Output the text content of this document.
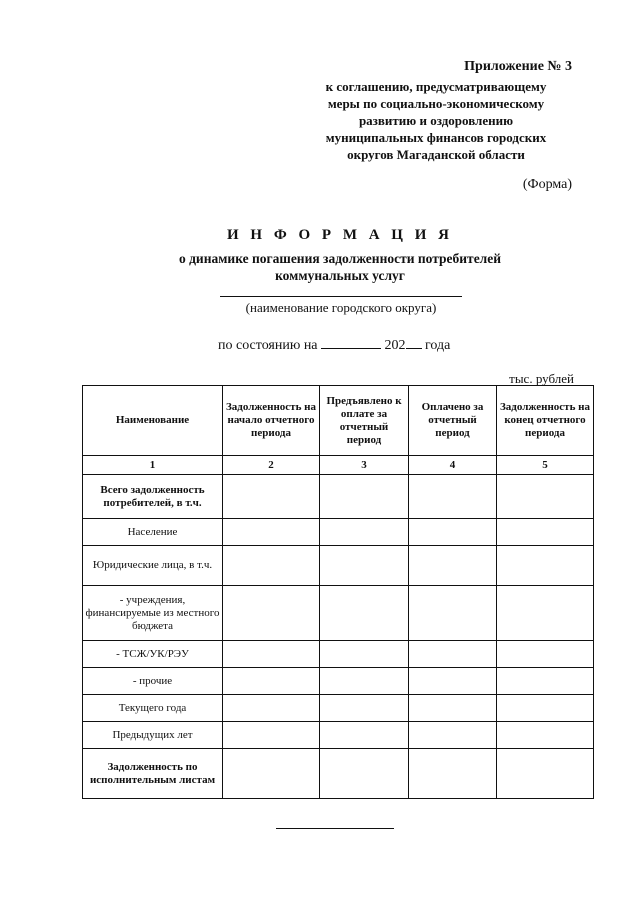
Приложение № 3
к соглашению, предусматривающему
меры по социально-экономическому
развитию и оздоровлению
муниципальных финансов городских
округов Магаданской области
(Форма)
И Н Ф О Р М А Ц И Я
о динамике погашения задолженности потребителей
коммунальных услуг
(наименование городского округа)
по состоянию на	202 года
тыс. рублей
Наименование	Задолженность на начало отчетного периода	Предъявлено к оплате за отчетный период	Оплачено за отчетный период	Задолженность на конец отчетного периода
1	2	3	4	5
Всего задолженность потребителей, в т.ч.				
Население				
Юридические лица, в т.ч.				
- учреждения, финансируемые из местного бюджета				
- ТСЖ/УК/РЭУ				
- прочие				
Текущего года				
Предыдущих лет				
Задолженность по исполнительным листам				
